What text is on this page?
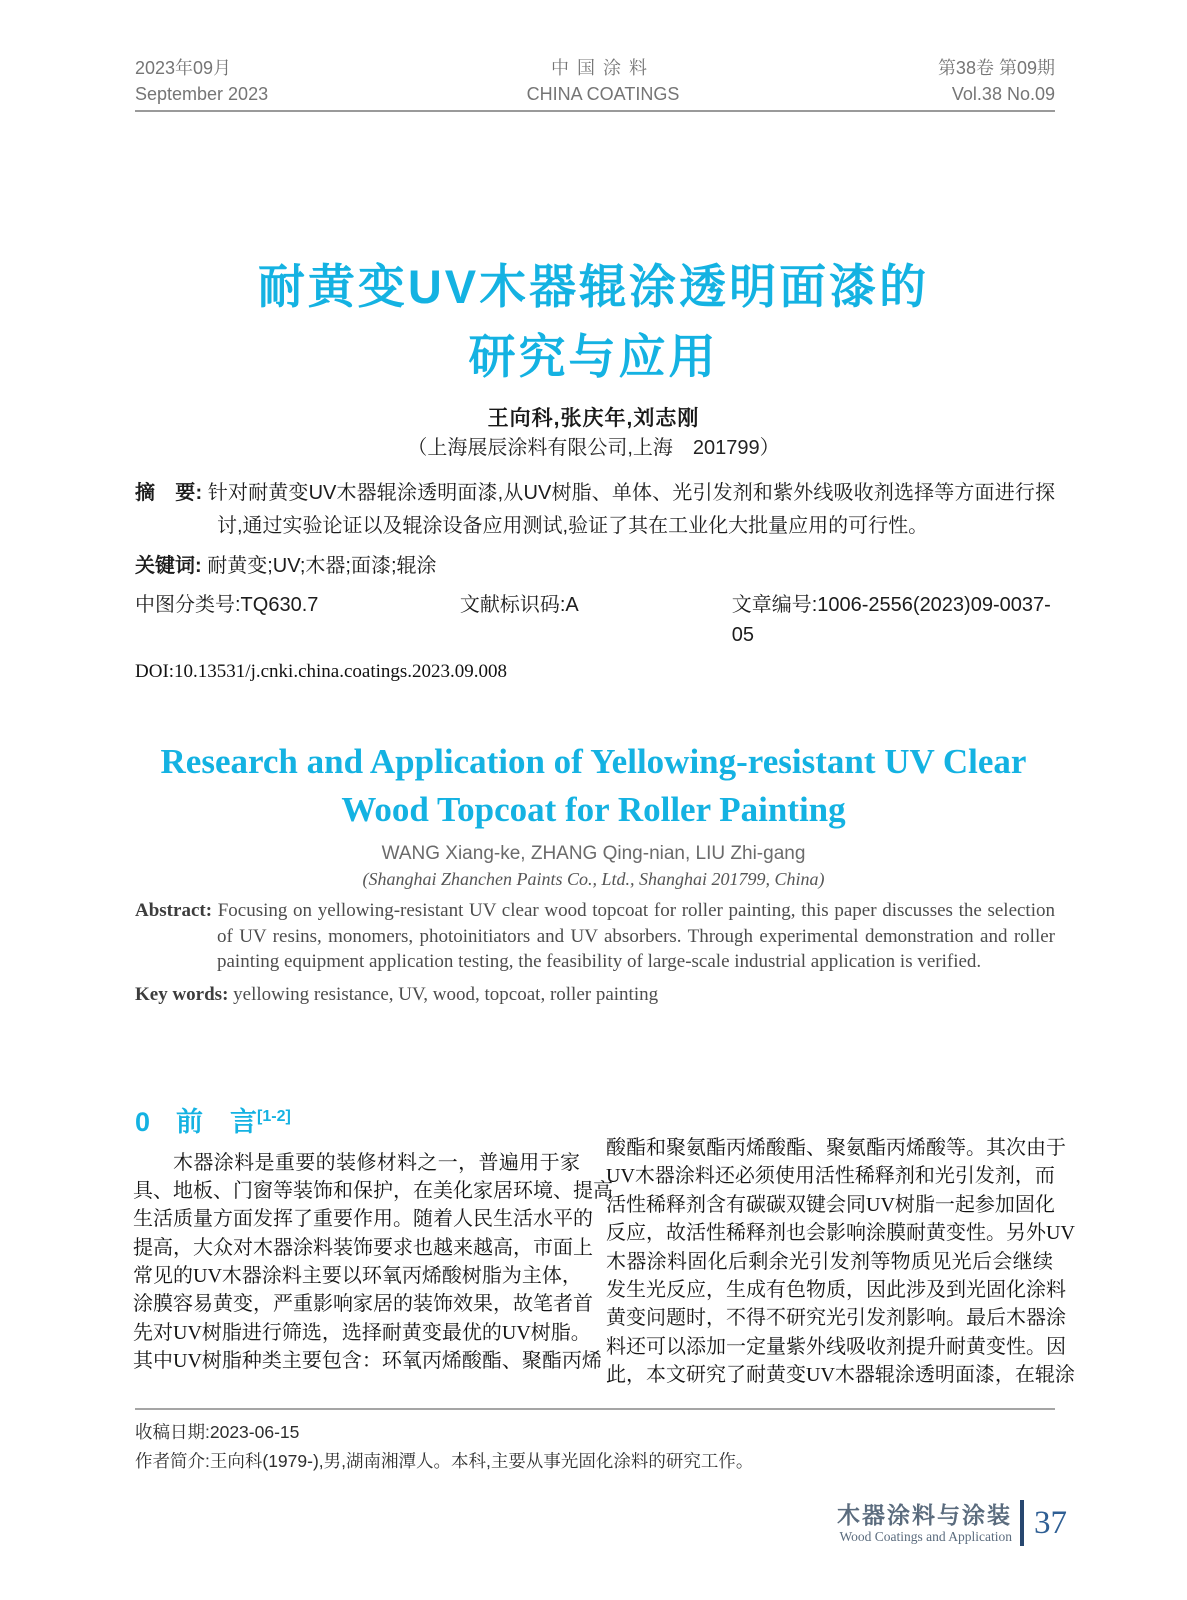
2023年09月
September 2023
中国涂料
CHINA COATINGS
第38卷 第09期
Vol.38 No.09
耐黄变UV木器辊涂透明面漆的
研究与应用
王向科,张庆年,刘志刚
（上海展辰涂料有限公司,上海　201799）
摘　要: 针对耐黄变UV木器辊涂透明面漆,从UV树脂、单体、光引发剂和紫外线吸收剂选择等方面进行探讨,通过实验论证以及辊涂设备应用测试,验证了其在工业化大批量应用的可行性。
关键词: 耐黄变;UV;木器;面漆;辊涂
中图分类号:TQ630.7	文献标识码:A	文章编号:1006-2556(2023)09-0037-05
DOI:10.13531/j.cnki.china.coatings.2023.09.008
Research and Application of Yellowing-resistant UV Clear
Wood Topcoat for Roller Painting
WANG Xiang-ke, ZHANG Qing-nian, LIU Zhi-gang
(Shanghai Zhanchen Paints Co., Ltd., Shanghai 201799, China)
Abstract: Focusing on yellowing-resistant UV clear wood topcoat for roller painting, this paper discusses the selection of UV resins, monomers, photoinitiators and UV absorbers. Through experimental demonstration and roller painting equipment application testing, the feasibility of large-scale industrial application is verified.
Key words: yellowing resistance, UV, wood, topcoat, roller painting
0 前　言[1-2]
木器涂料是重要的装修材料之一，普遍用于家
具、地板、门窗等装饰和保护，在美化家居环境、提高
生活质量方面发挥了重要作用。随着人民生活水平的
提高，大众对木器涂料装饰要求也越来越高，市面上
常见的UV木器涂料主要以环氧丙烯酸树脂为主体，
涂膜容易黄变，严重影响家居的装饰效果，故笔者首
先对UV树脂进行筛选，选择耐黄变最优的UV树脂。
其中UV树脂种类主要包含：环氧丙烯酸酯、聚酯丙烯
酸酯和聚氨酯丙烯酸酯、聚氨酯丙烯酸等。其次由于
UV木器涂料还必须使用活性稀释剂和光引发剂，而
活性稀释剂含有碳碳双键会同UV树脂一起参加固化
反应，故活性稀释剂也会影响涂膜耐黄变性。另外UV
木器涂料固化后剩余光引发剂等物质见光后会继续
发生光反应，生成有色物质，因此涉及到光固化涂料
黄变问题时，不得不研究光引发剂影响。最后木器涂
料还可以添加一定量紫外线吸收剂提升耐黄变性。因
此，本文研究了耐黄变UV木器辊涂透明面漆，在辊涂
收稿日期:2023-06-15
作者简介:王向科(1979-),男,湖南湘潭人。本科,主要从事光固化涂料的研究工作。
木器涂料与涂装
Wood Coatings and Application 37
